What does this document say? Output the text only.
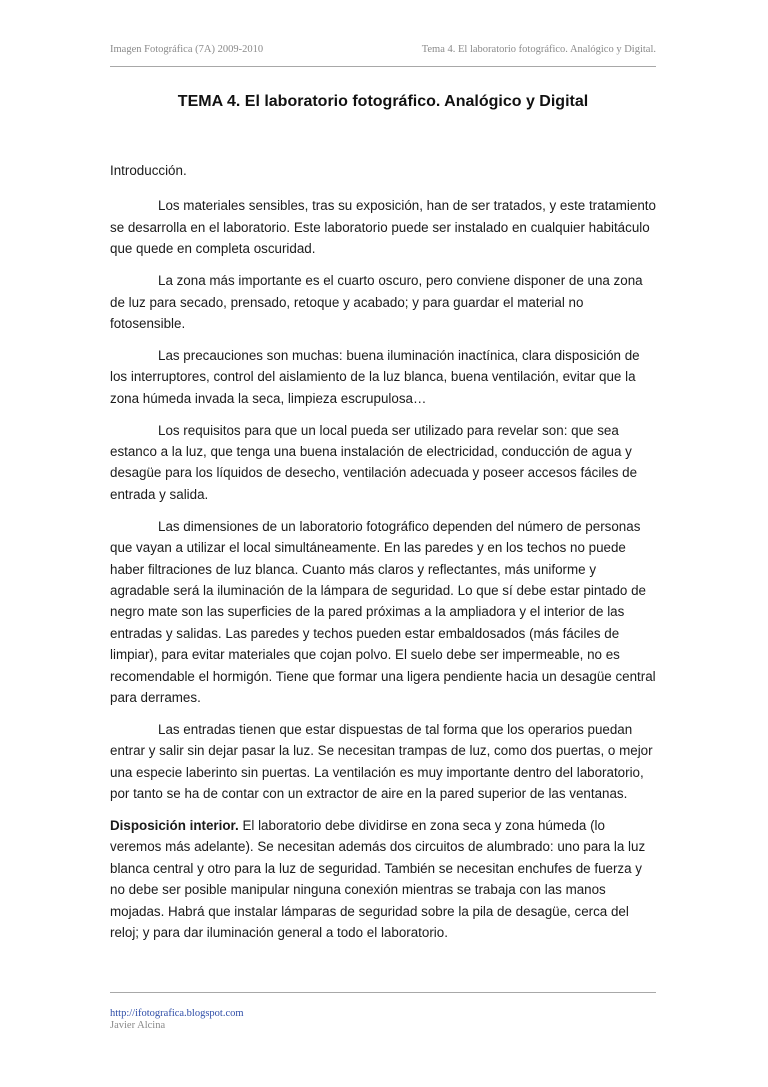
Imagen Fotográfica (7A) 2009-2010	Tema 4. El laboratorio fotográfico. Analógico y Digital.
TEMA 4. El laboratorio fotográfico. Analógico y Digital

Introducción.

Los materiales sensibles, tras su exposición, han de ser tratados, y este tratamiento se desarrolla en el laboratorio. Este laboratorio puede ser instalado en cualquier habitáculo que quede en completa oscuridad.

La zona más importante es el cuarto oscuro, pero conviene disponer de una zona de luz para secado, prensado, retoque y acabado; y para guardar el material no fotosensible.

Las precauciones son muchas: buena iluminación inactínica, clara disposición de los interruptores, control del aislamiento de la luz blanca, buena ventilación, evitar que la zona húmeda invada la seca, limpieza escrupulosa…

Los requisitos para que un local pueda ser utilizado para revelar son: que sea estanco a la luz, que tenga una buena instalación de electricidad, conducción de agua y desagüe para los líquidos de desecho, ventilación adecuada y poseer accesos fáciles de entrada y salida.

Las dimensiones de un laboratorio fotográfico dependen del número de personas que vayan a utilizar el local simultáneamente. En las paredes y en los techos no puede haber filtraciones de luz blanca. Cuanto más claros y reflectantes, más uniforme y agradable será la iluminación de la lámpara de seguridad. Lo que sí debe estar pintado de negro mate son las superficies de la pared próximas a la ampliadora y el interior de las entradas y salidas. Las paredes y techos pueden estar embaldosados (más fáciles de limpiar), para evitar materiales que cojan polvo. El suelo debe ser impermeable, no es recomendable el hormigón. Tiene que formar una ligera pendiente hacia un desagüe central para derrames.

Las entradas tienen que estar dispuestas de tal forma que los operarios puedan entrar y salir sin dejar pasar la luz. Se necesitan trampas de luz, como dos puertas, o mejor una especie laberinto sin puertas. La ventilación es muy importante dentro del laboratorio, por tanto se ha de contar con un extractor de aire en la pared superior de las ventanas.

Disposición interior. El laboratorio debe dividirse en zona seca y zona húmeda (lo veremos más adelante). Se necesitan además dos circuitos de alumbrado: uno para la luz blanca central y otro para la luz de seguridad. También se necesitan enchufes de fuerza y no debe ser posible manipular ninguna conexión mientras se trabaja con las manos mojadas. Habrá que instalar lámparas de seguridad sobre la pila de desagüe, cerca del reloj; y para dar iluminación general a todo el laboratorio.

http://ifotografica.blogspot.com
Javier Alcina
